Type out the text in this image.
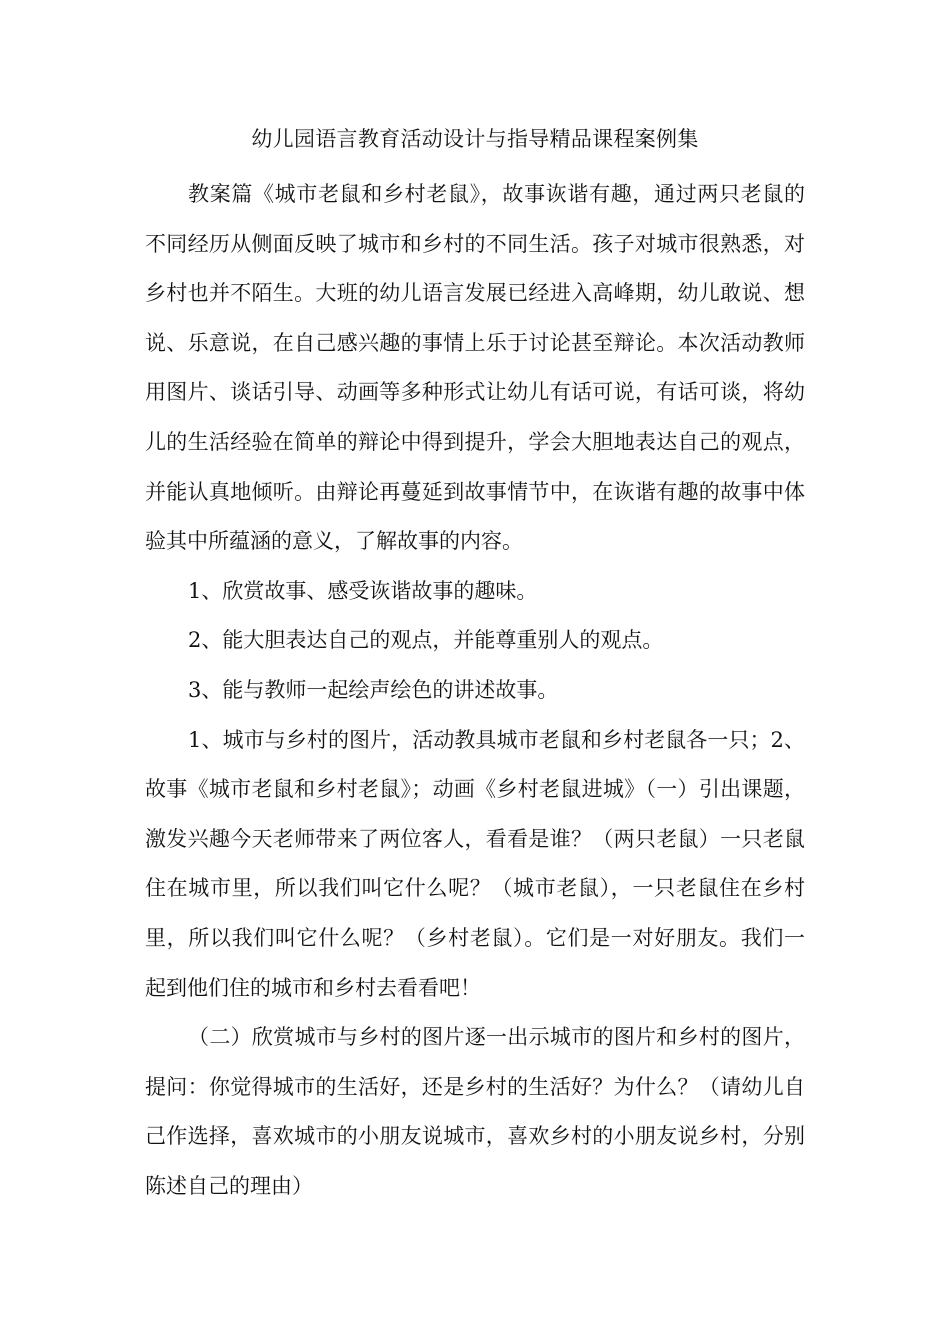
幼儿园语言教育活动设计与指导精品课程案例集

教案篇《城市老鼠和乡村老鼠》，故事诙谐有趣，通过两只老鼠的不同经历从侧面反映了城市和乡村的不同生活。孩子对城市很熟悉，对乡村也并不陌生。大班的幼儿语言发展已经进入高峰期，幼儿敢说、想说、乐意说，在自己感兴趣的事情上乐于讨论甚至辩论。本次活动教师用图片、谈话引导、动画等多种形式让幼儿有话可说，有话可谈，将幼儿的生活经验在简单的辩论中得到提升，学会大胆地表达自己的观点，并能认真地倾听。由辩论再蔓延到故事情节中，在诙谐有趣的故事中体验其中所蕴涵的意义，了解故事的内容。

1、欣赏故事、感受诙谐故事的趣味。

2、能大胆表达自己的观点，并能尊重别人的观点。

3、能与教师一起绘声绘色的讲述故事。

1、城市与乡村的图片，活动教具城市老鼠和乡村老鼠各一只；2、故事《城市老鼠和乡村老鼠》；动画《乡村老鼠进城》（一）引出课题，激发兴趣今天老师带来了两位客人，看看是谁？（两只老鼠）一只老鼠住在城市里，所以我们叫它什么呢？（城市老鼠），一只老鼠住在乡村里，所以我们叫它什么呢？（乡村老鼠）。它们是一对好朋友。我们一起到他们住的城市和乡村去看看吧！

（二）欣赏城市与乡村的图片逐一出示城市的图片和乡村的图片，提问：你觉得城市的生活好，还是乡村的生活好？为什么？（请幼儿自己作选择，喜欢城市的小朋友说城市，喜欢乡村的小朋友说乡村，分别陈述自己的理由）
